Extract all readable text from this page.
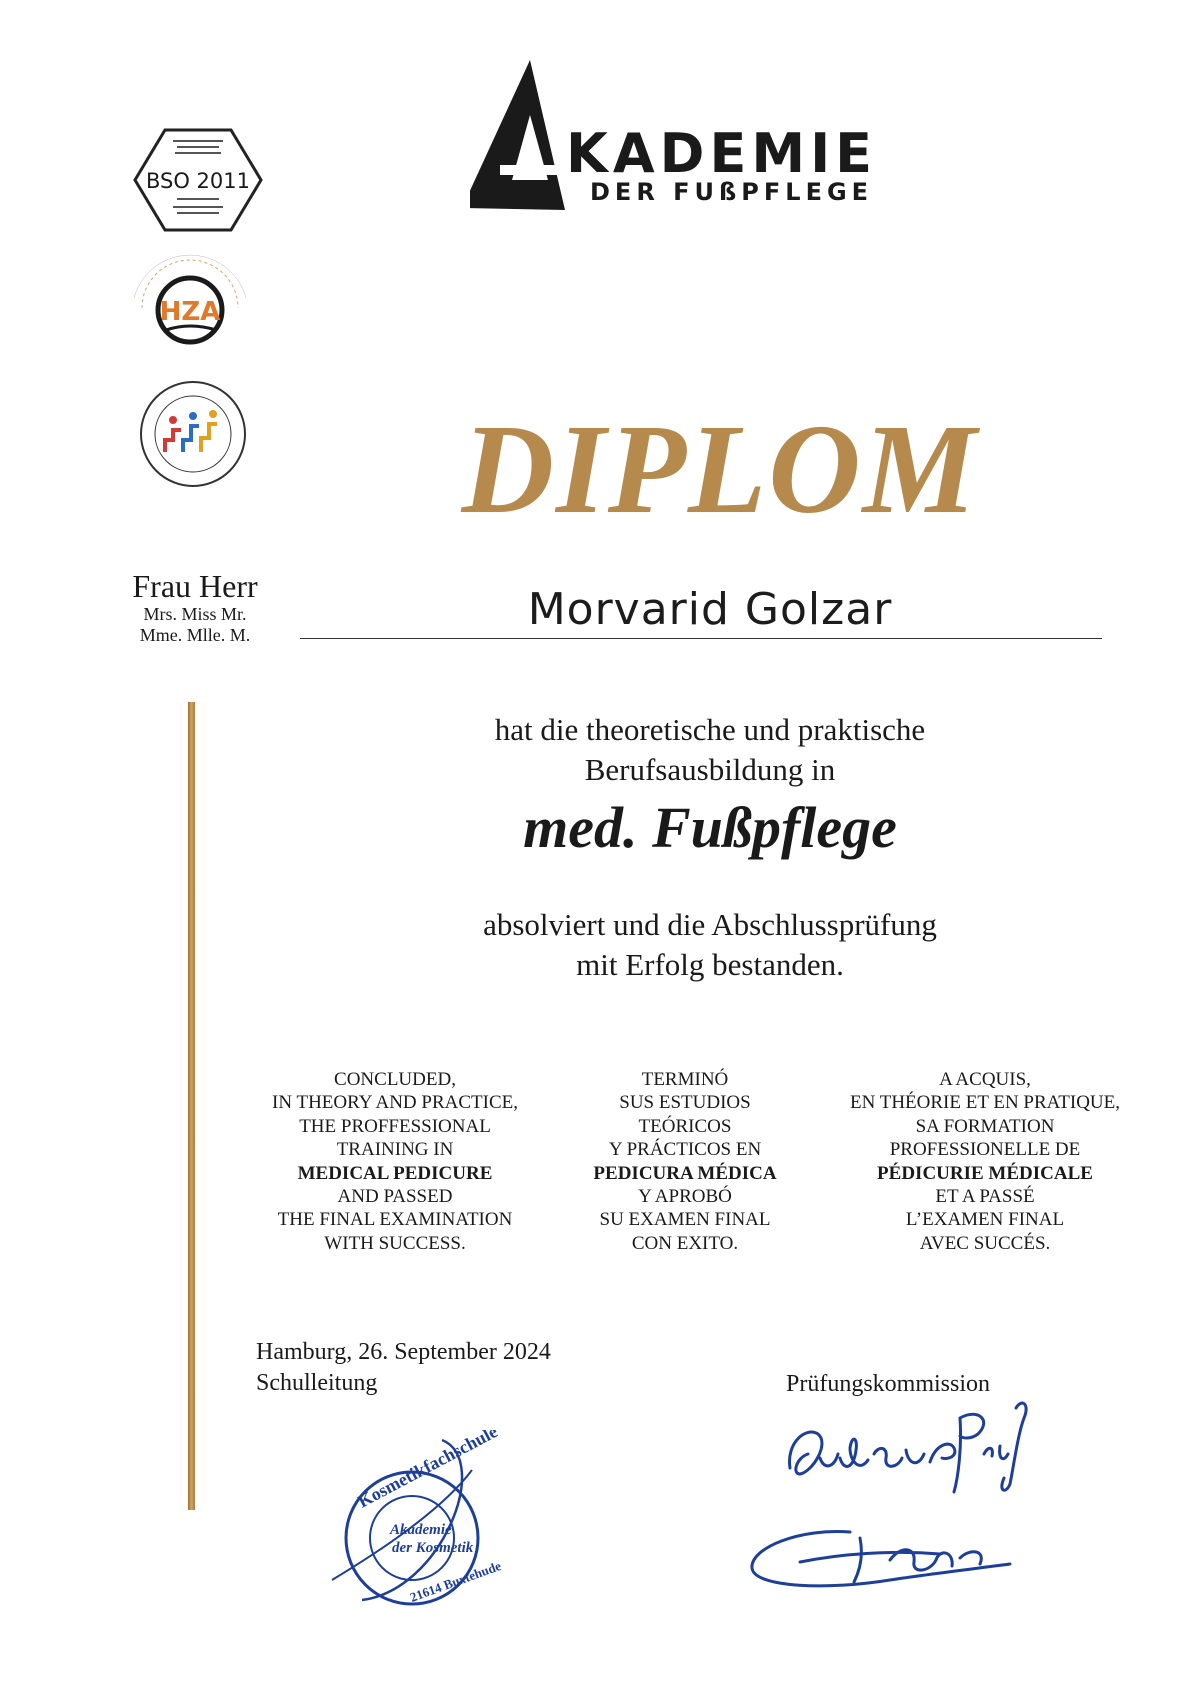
KADEMIE
DER FUßPFLEGE
BSO 2011
HZA
DIPLOM
Frau Herr
Mrs. Miss Mr.
Mme. Mlle. M.	Morvarid Golzar
hat die theoretische und praktische
Berufsausbildung in
med. Fußpflege
absolviert und die Abschlussprüfung
mit Erfolg bestanden.
CONCLUDED,
IN THEORY AND PRACTICE,
THE PROFFESSIONAL
TRAINING IN
MEDICAL PEDICURE
AND PASSED
THE FINAL EXAMINATION
WITH SUCCESS.
TERMINÓ
SUS ESTUDIOS
TEÓRICOS
Y PRÁCTICOS EN
PEDICURA MÉDICA
Y APROBÓ
SU EXAMEN FINAL
CON EXITO.
A ACQUIS,
EN THÉORIE ET EN PRATIQUE,
SA FORMATION
PROFESSIONELLE DE
PÉDICURIE MÉDICALE
ET A PASSÉ
L’EXAMEN FINAL
AVEC SUCCÉS.
Hamburg, 26. September 2024
Schulleitung	Prüfungskommission
Kosmetikfachschule
Akademie
der Kosmetik
21614 Buxtehude
